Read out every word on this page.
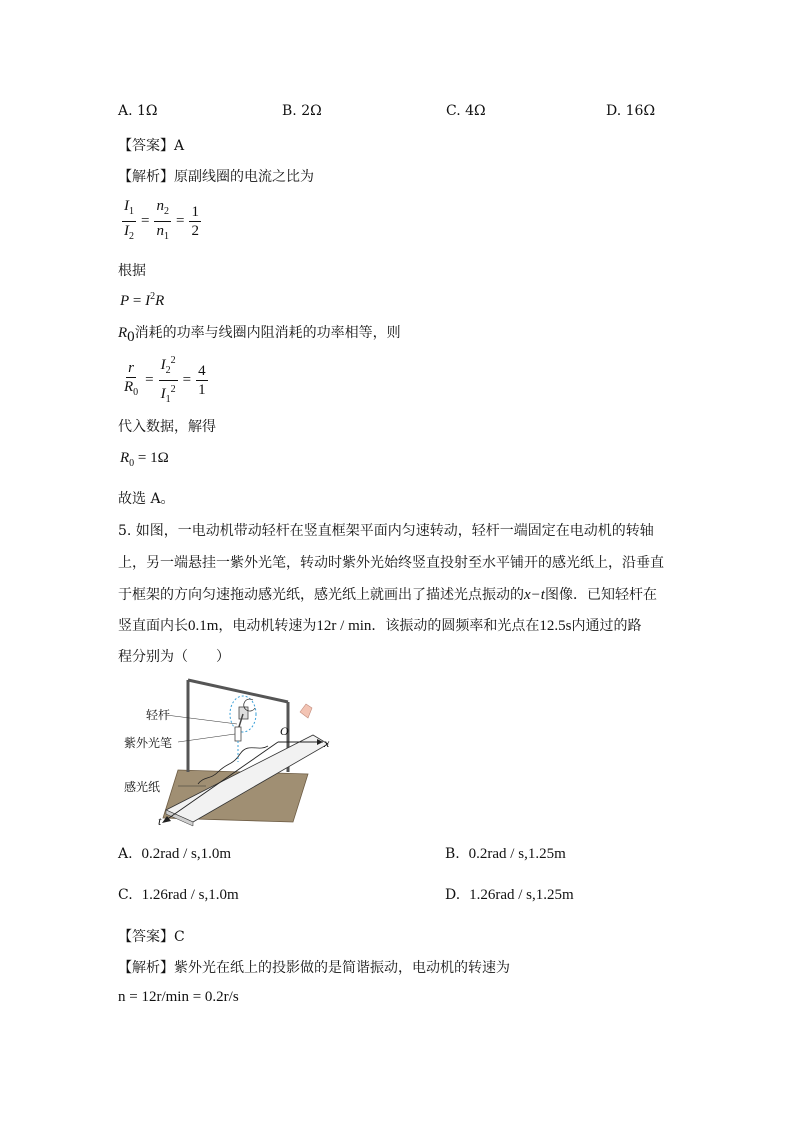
A. 1Ω	B. 2Ω	C. 4Ω	D. 16Ω
【答案】A
【解析】原副线圈的电流之比为
$\frac{I_1}{I_2} = \frac{n_2}{n_1} = \frac{1}{2}$
根据
$P = I^2R$
$R_0$消耗的功率与线圈内阻消耗的功率相等，则
$\frac{r}{R_0} = \frac{I_2^2}{I_1^2} = \frac{4}{1}$
代入数据，解得
$R_0 = 1\Omega$
故选 A。
5. 如图，一电动机带动轻杆在竖直框架平面内匀速转动，轻杆一端固定在电动机的转轴
上，另一端悬挂一紫外光笔，转动时紫外光始终竖直投射至水平铺开的感光纸上，沿垂直
于框架的方向匀速拖动感光纸，感光纸上就画出了描述光点振动的x−t图像．已知轻杆在
竖直面内长0.1m，电动机转速为12r / min．该振动的圆频率和光点在12.5s内通过的路
程分别为（　　）
轻杆
紫外光笔
感光纸
O
x
t
A. 0.2rad / s,1.0m	B. 0.2rad / s,1.25m
C. 1.26rad / s,1.0m	D. 1.26rad / s,1.25m
【答案】C
【解析】紫外光在纸上的投影做的是简谐振动，电动机的转速为
n = 12r/min = 0.2r/s
